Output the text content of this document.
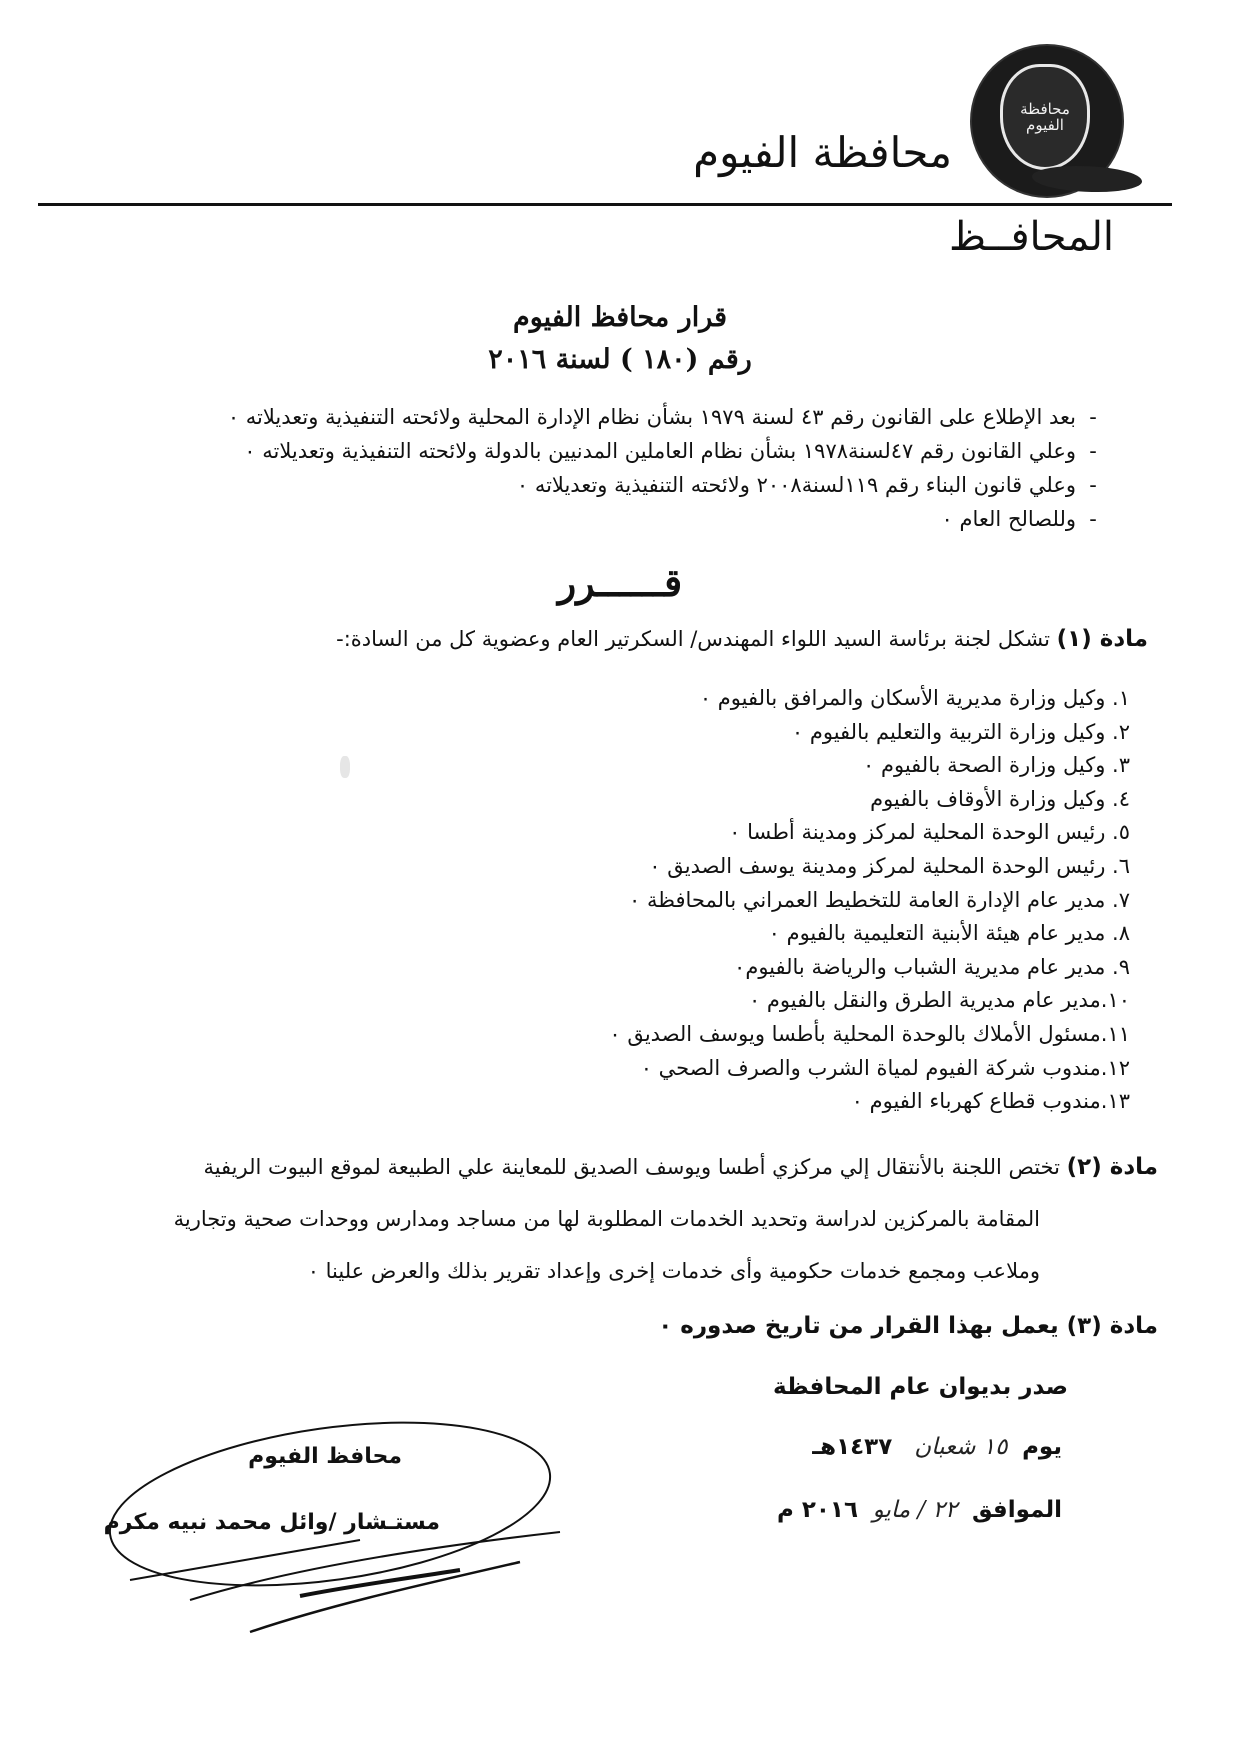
محافظة الفيوم
محافظة الفيوم
المحافــظ
قرار محافظ الفيوم
رقم (١٨٠ ) لسنة ٢٠١٦
-بعد الإطلاع على القانون رقم ٤٣ لسنة ١٩٧٩ بشأن نظام الإدارة المحلية ولائحته التنفيذية وتعديلاته ٠
-وعلي القانون رقم ٤٧لسنة١٩٧٨ بشأن نظام العاملين المدنيين بالدولة ولائحته التنفيذية وتعديلاته ٠
-وعلي قانون البناء رقم ١١٩لسنة٢٠٠٨ ولائحته التنفيذية وتعديلاته ٠
-وللصالح العام ٠
قــــــرر
مادة (١) تشكل لجنة برئاسة السيد اللواء المهندس/ السكرتير العام وعضوية كل من السادة:-
١. وكيل وزارة مديرية الأسكان والمرافق بالفيوم ٠
٢. وكيل وزارة التربية والتعليم بالفيوم ٠
٣. وكيل وزارة الصحة بالفيوم ٠
٤. وكيل وزارة الأوقاف بالفيوم
٥. رئيس الوحدة المحلية لمركز ومدينة أطسا ٠
٦. رئيس الوحدة المحلية لمركز ومدينة يوسف الصديق ٠
٧. مدير عام الإدارة العامة للتخطيط العمراني بالمحافظة ٠
٨. مدير عام هيئة الأبنية التعليمية بالفيوم ٠
٩. مدير عام مديرية الشباب والرياضة بالفيوم٠
١٠.مدير عام مديرية الطرق والنقل بالفيوم ٠
١١.مسئول الأملاك بالوحدة المحلية بأطسا ويوسف الصديق ٠
١٢.مندوب شركة الفيوم لمياة الشرب والصرف الصحي ٠
١٣.مندوب قطاع كهرباء الفيوم ٠
مادة (٢) تختص اللجنة بالأنتقال إلي مركزي أطسا ويوسف الصديق للمعاينة علي الطبيعة لموقع البيوت الريفية
المقامة بالمركزين لدراسة وتحديد الخدمات المطلوبة لها من مساجد ومدارس ووحدات صحية وتجارية
وملاعب ومجمع خدمات حكومية وأى خدمات إخرى وإعداد تقرير بذلك والعرض علينا ٠
مادة (٣) يعمل بهذا القرار من تاريخ صدوره ٠
صدر بديوان عام المحافظة
يوم  ١٥ شعبان   ١٤٣٧هـ
الموافق  ٢٢ / مايو  ٢٠١٦ م
محافظ الفيوم
مستـشار /وائل محمد نبيه مكرم
